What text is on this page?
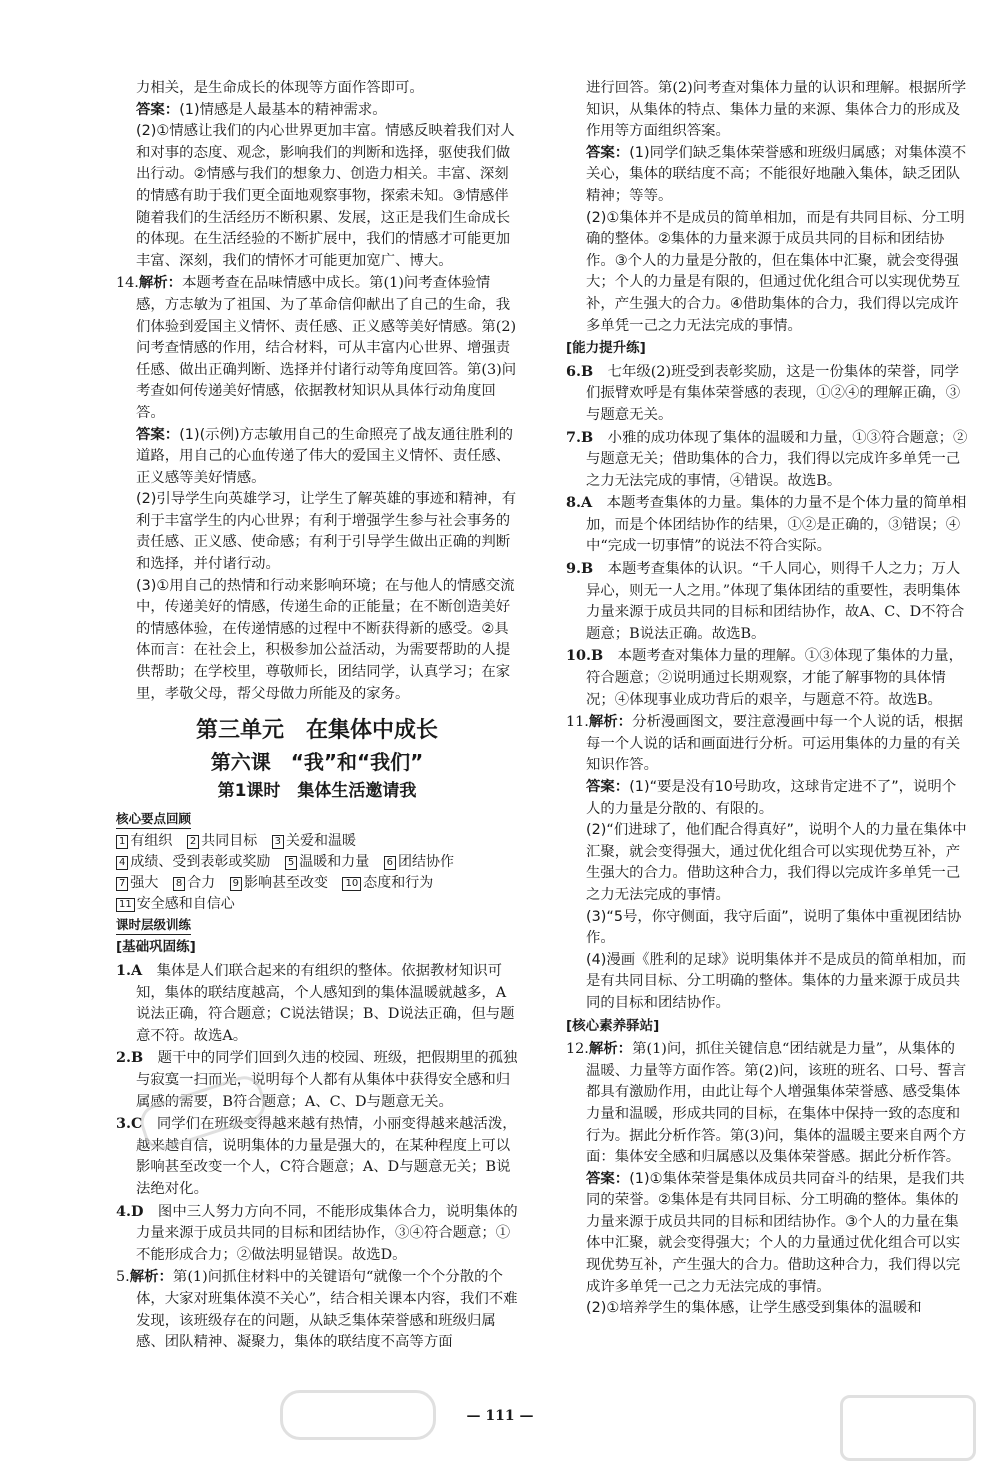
力相关，是生命成长的体现等方面作答即可。

答案：(1)情感是人最基本的精神需求。

(2)①情感让我们的内心世界更加丰富。情感反映着我们对人和对事的态度、观念，影响我们的判断和选择，驱使我们做出行动。②情感与我们的想象力、创造力相关。丰富、深刻的情感有助于我们更全面地观察事物，探索未知。③情感伴随着我们的生活经历不断积累、发展，这正是我们生命成长的体现。在生活经验的不断扩展中，我们的情感才可能更加丰富、深刻，我们的情怀才可能更加宽广、博大。

14.解析：本题考查在品味情感中成长。第(1)问考查体验情感，方志敏为了祖国、为了革命信仰献出了自己的生命，我们体验到爱国主义情怀、责任感、正义感等美好情感。第(2)问考查情感的作用，结合材料，可从丰富内心世界、增强责任感、做出正确判断、选择并付诸行动等角度回答。第(3)问考查如何传递美好情感，依据教材知识从具体行动角度回答。

答案：(1)(示例)方志敏用自己的生命照亮了战友通往胜利的道路，用自己的心血传递了伟大的爱国主义情怀、责任感、正义感等美好情感。

(2)引导学生向英雄学习，让学生了解英雄的事迹和精神，有利于丰富学生的内心世界；有利于增强学生参与社会事务的责任感、正义感、使命感；有利于引导学生做出正确的判断和选择，并付诸行动。

(3)①用自己的热情和行动来影响环境；在与他人的情感交流中，传递美好的情感，传递生命的正能量；在不断创造美好的情感体验，在传递情感的过程中不断获得新的感受。②具体而言：在社会上，积极参加公益活动，为需要帮助的人提供帮助；在学校里，尊敬师长，团结同学，认真学习；在家里，孝敬父母，帮父母做力所能及的家务。

第三单元　在集体中成长
第六课　“我”和“我们”
第1课时　集体生活邀请我
核心要点回顾
1 有组织 2 共同目标 3 关爱和温暖 4 成绩、受到表彰或奖励 5 温暖和力量 6 团结协作 7 强大 8 合力 9 影响甚至改变 10 态度和行为 11 安全感和自信心
课时层级训练
[基础巩固练]

1.A　 集体是人们联合起来的有组织的整体。依据教材知识可知，集体的联结度越高，个人感知到的集体温暖就越多，A说法正确，符合题意；C说法错误；B、D说法正确，但与题意不符。故选A。

2.B　 题干中的同学们回到久违的校园、班级，把假期里的孤独与寂寞一扫而光，说明每个人都有从集体中获得安全感和归属感的需要，B符合题意；A、C、D与题意无关。

3.C　 同学们在班级变得越来越有热情，小丽变得越来越活泼，越来越自信，说明集体的力量是强大的，在某种程度上可以影响甚至改变一个人，C符合题意；A、D与题意无关；B说法绝对化。

4.D　 图中三人努力方向不同，不能形成集体合力，说明集体的力量来源于成员共同的目标和团结协作，③④符合题意；①不能形成合力；②做法明显错误。故选D。

5.解析：第(1)问抓住材料中的关键语句“就像一个个分散的个体，大家对班集体漠不关心”，结合相关课本内容，我们不难发现，该班级存在的问题，从缺乏集体荣誉感和班级归属感、团队精神、凝聚力，集体的联结度不高等方面

进行回答。第(2)问考查对集体力量的认识和理解。根据所学知识，从集体的特点、集体力量的来源、集体合力的形成及作用等方面组织答案。

答案：(1)同学们缺乏集体荣誉感和班级归属感；对集体漠不关心，集体的联结度不高；不能很好地融入集体，缺乏团队精神；等等。

(2)①集体并不是成员的简单相加，而是有共同目标、分工明确的整体。②集体的力量来源于成员共同的目标和团结协作。③个人的力量是分散的，但在集体中汇聚，就会变得强大；个人的力量是有限的，但通过优化组合可以实现优势互补，产生强大的合力。④借助集体的合力，我们得以完成许多单凭一己之力无法完成的事情。

[能力提升练]

6.B　 七年级(2)班受到表彰奖励，这是一份集体的荣誉，同学们振臂欢呼是有集体荣誉感的表现，①②④的理解正确，③与题意无关。

7.B　 小雅的成功体现了集体的温暖和力量，①③符合题意；②与题意无关；借助集体的合力，我们得以完成许多单凭一己之力无法完成的事情，④错误。故选B。

8.A　 本题考查集体的力量。集体的力量不是个体力量的简单相加，而是个体团结协作的结果，①②是正确的，③错误；④中“完成一切事情”的说法不符合实际。

9.B　 本题考查集体的认识。“千人同心，则得千人之力；万人异心，则无一人之用。”体现了集体团结的重要性，表明集体力量来源于成员共同的目标和团结协作，故A、C、D不符合题意；B说法正确。故选B。

10.B　 本题考查对集体力量的理解。①③体现了集体的力量，符合题意；②说明通过长期观察，才能了解事物的具体情况；④体现事业成功背后的艰辛，与题意不符。故选B。

11.解析：分析漫画图文，要注意漫画中每一个人说的话，根据每一个人说的话和画面进行分析。可运用集体的力量的有关知识作答。

答案：(1)“要是没有10号助攻，这球肯定进不了”，说明个人的力量是分散的、有限的。

(2)“们进球了，他们配合得真好”，说明个人的力量在集体中汇聚，就会变得强大，通过优化组合可以实现优势互补，产生强大的合力。借助这种合力，我们得以完成许多单凭一己之力无法完成的事情。

(3)“5号，你守侧面，我守后面”，说明了集体中重视团结协作。

(4)漫画《胜利的足球》说明集体并不是成员的简单相加，而是有共同目标、分工明确的整体。集体的力量来源于成员共同的目标和团结协作。

[核心素养驿站]

12.解析：第(1)问，抓住关键信息“团结就是力量”，从集体的温暖、力量等方面作答。第(2)问，该班的班名、口号、誓言都具有激励作用，由此让每个人增强集体荣誉感、感受集体力量和温暖，形成共同的目标，在集体中保持一致的态度和行为。据此分析作答。第(3)问，集体的温暖主要来自两个方面：集体安全感和归属感以及集体荣誉感。据此分析作答。

答案：(1)①集体荣誉是集体成员共同奋斗的结果，是我们共同的荣誉。②集体是有共同目标、分工明确的整体。集体的力量来源于成员共同的目标和团结协作。③个人的力量在集体中汇聚，就会变得强大；个人的力量通过优化组合可以实现优势互补，产生强大的合力。借助这种合力，我们得以完成许多单凭一己之力无法完成的事情。

(2)①培养学生的集体感，让学生感受到集体的温暖和

— 111 —
